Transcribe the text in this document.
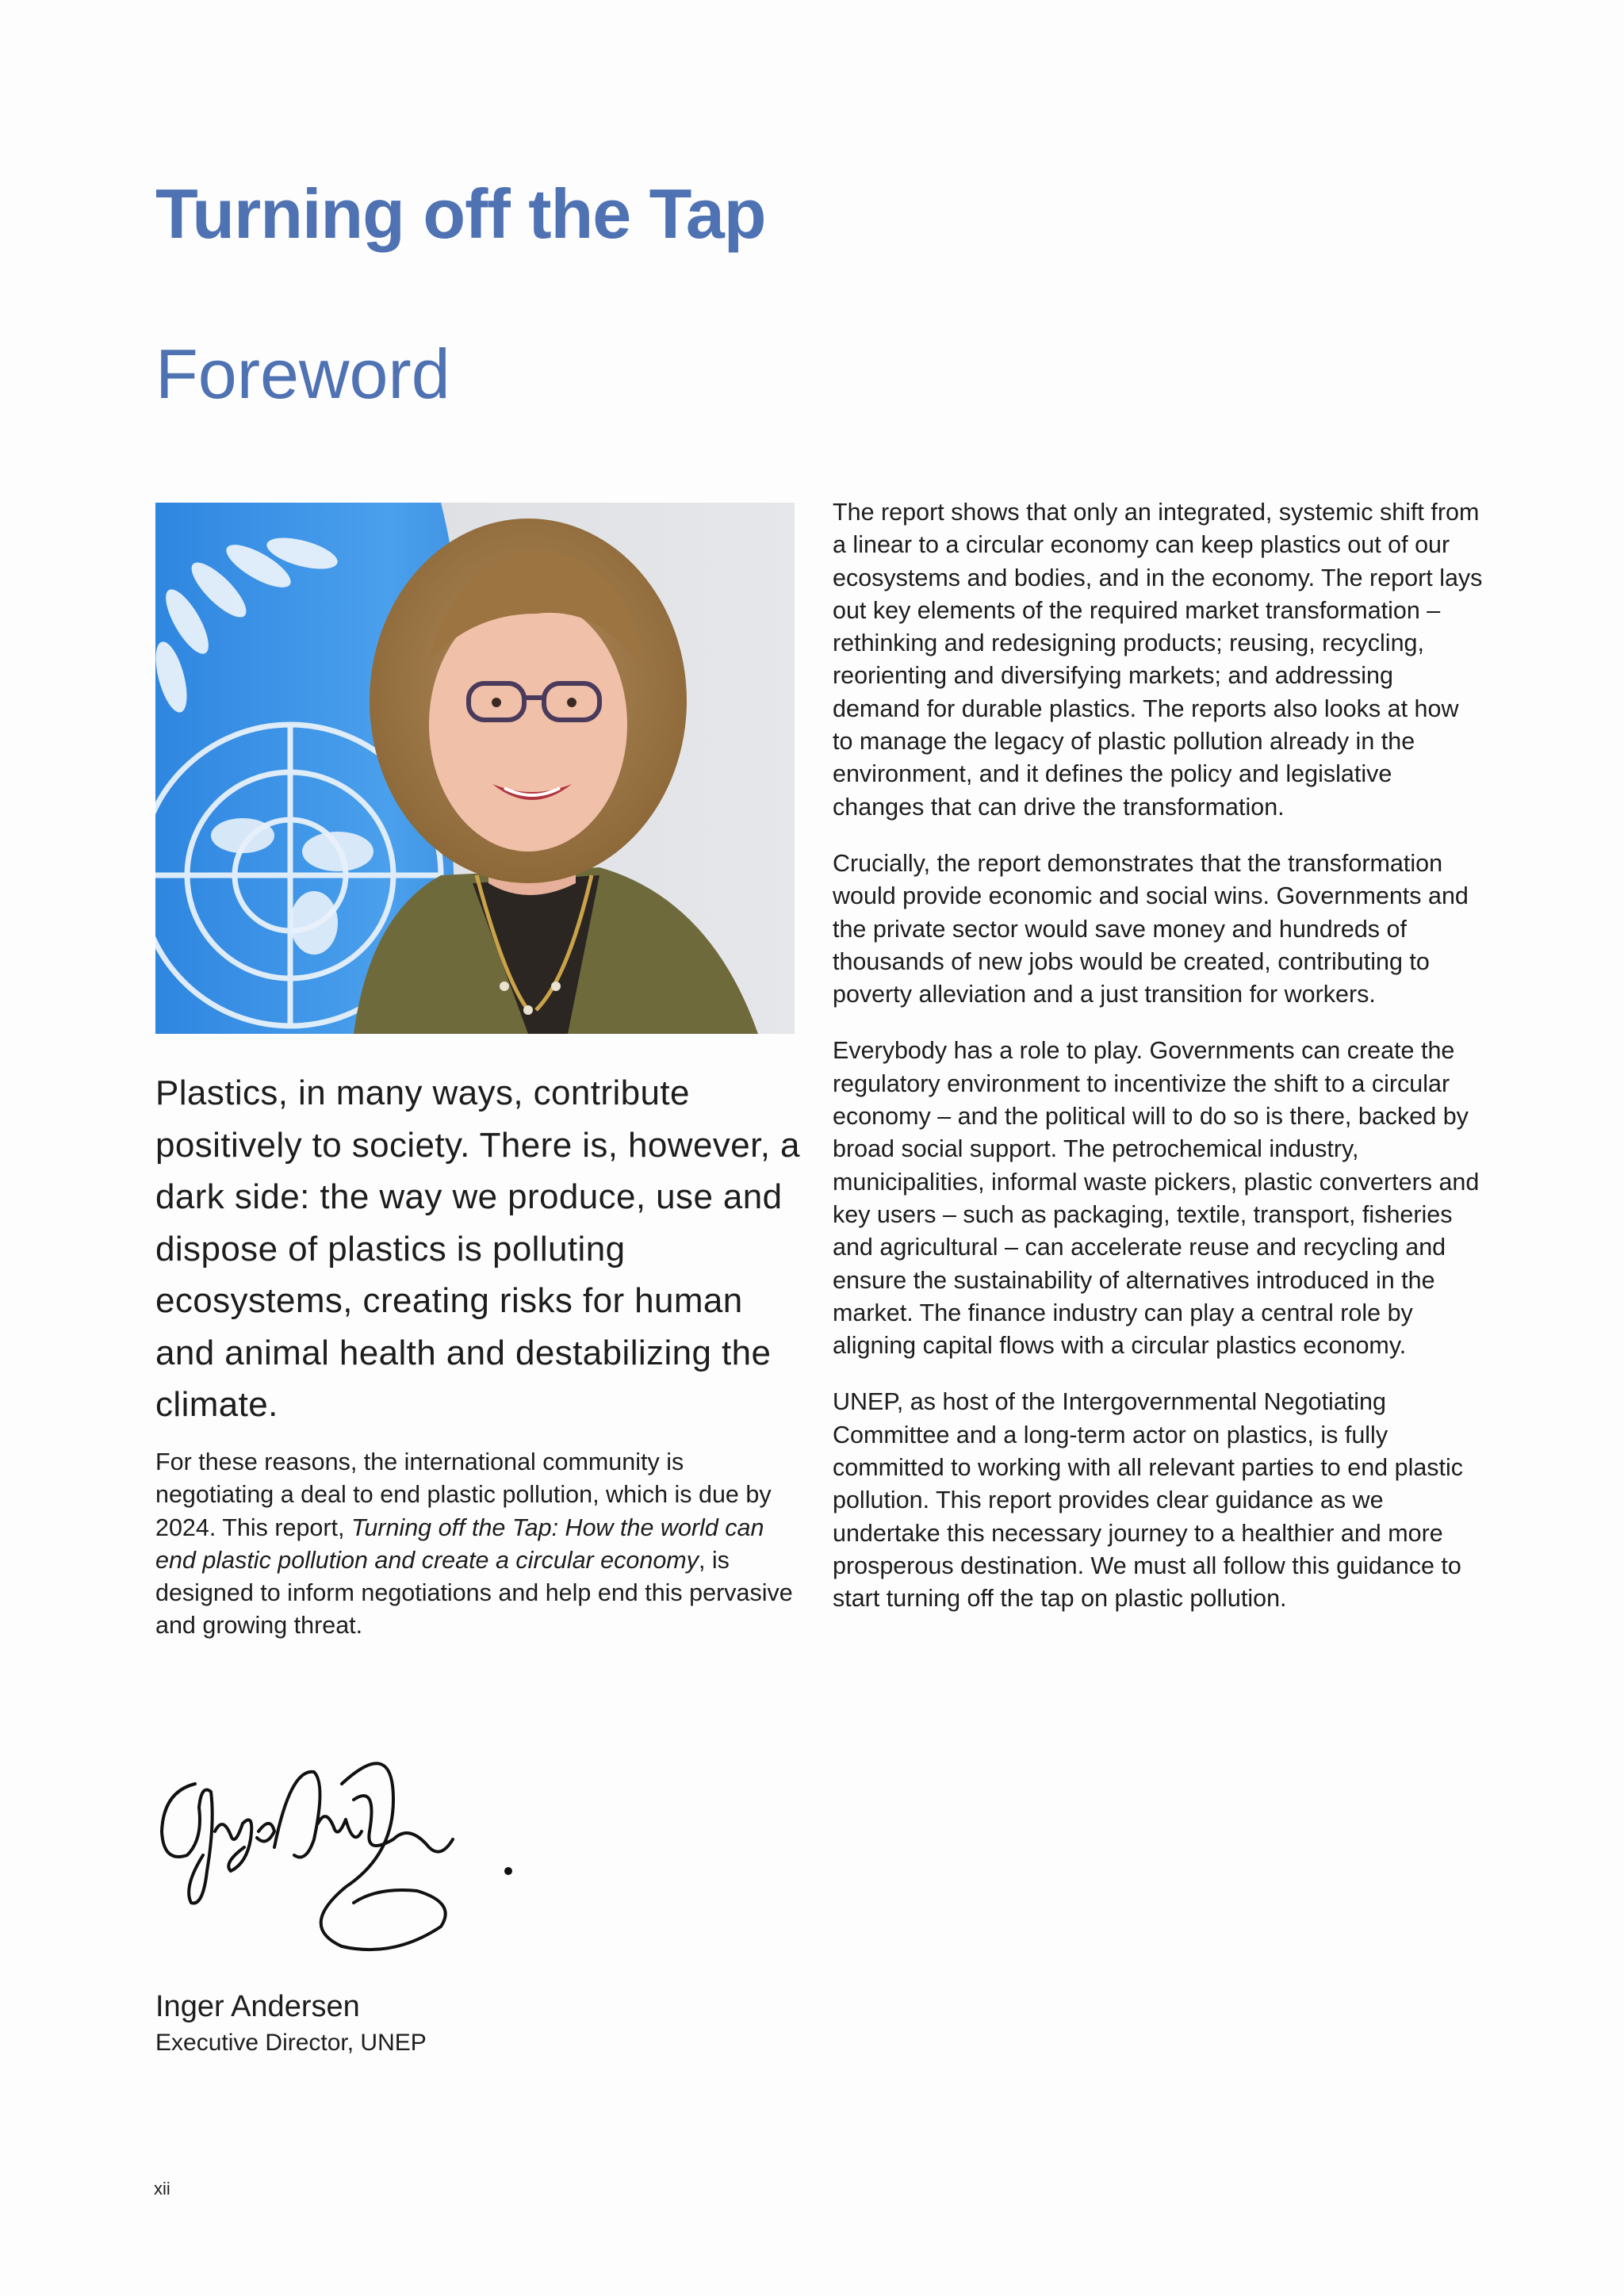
Turning off the Tap
Foreword

Plastics, in many ways, contribute positively to society. There is, however, a dark side: the way we produce, use and dispose of plastics is polluting ecosystems, creating risks for human and animal health and destabilizing the climate.

For these reasons, the international community is negotiating a deal to end plastic pollution, which is due by 2024. This report, Turning off the Tap: How the world can end plastic pollution and create a circular economy, is designed to inform negotiations and help end this pervasive and growing threat.

The report shows that only an integrated, systemic shift from a linear to a circular economy can keep plastics out of our ecosystems and bodies, and in the economy. The report lays out key elements of the required market transformation – rethinking and redesigning products; reusing, recycling, reorienting and diversifying markets; and addressing demand for durable plastics. The reports also looks at how to manage the legacy of plastic pollution already in the environment, and it defines the policy and legislative changes that can drive the transformation.

Crucially, the report demonstrates that the transformation would provide economic and social wins. Governments and the private sector would save money and hundreds of thousands of new jobs would be created, contributing to poverty alleviation and a just transition for workers.

Everybody has a role to play. Governments can create the regulatory environment to incentivize the shift to a circular economy – and the political will to do so is there, backed by broad social support. The petrochemical industry, municipalities, informal waste pickers, plastic converters and key users – such as packaging, textile, transport, fisheries and agricultural – can accelerate reuse and recycling and ensure the sustainability of alternatives introduced in the market. The finance industry can play a central role by aligning capital flows with a circular plastics economy.

UNEP, as host of the Intergovernmental Negotiating Committee and a long-term actor on plastics, is fully committed to working with all relevant parties to end plastic pollution. This report provides clear guidance as we undertake this necessary journey to a healthier and more prosperous destination. We must all follow this guidance to start turning off the tap on plastic pollution.

Inger Andersen

Executive Director, UNEP

xii
